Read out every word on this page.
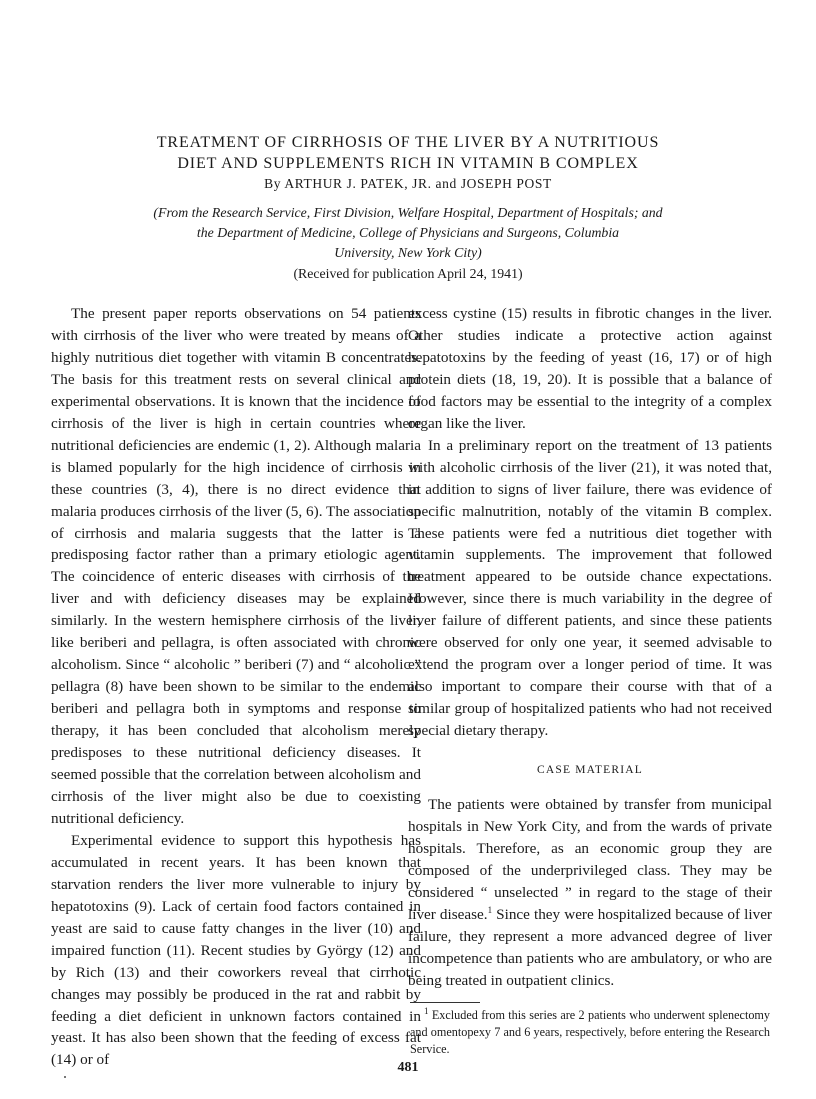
TREATMENT OF CIRRHOSIS OF THE LIVER BY A NUTRITIOUS
DIET AND SUPPLEMENTS RICH IN VITAMIN B COMPLEX
By ARTHUR J. PATEK, JR. and JOSEPH POST
(From the Research Service, First Division, Welfare Hospital, Department of Hospitals; and
the Department of Medicine, College of Physicians and Surgeons, Columbia
University, New York City)
(Received for publication April 24, 1941)

The present paper reports observations on 54 patients with cirrhosis of the liver who were treated by means of a highly nutritious diet together with vitamin B concentrates. The basis for this treatment rests on several clinical and experimental observations. It is known that the incidence of cirrhosis of the liver is high in certain countries where nutritional deficiencies are endemic (1, 2). Although malaria is blamed popularly for the high incidence of cirrhosis in these countries (3, 4), there is no direct evidence that malaria produces cirrhosis of the liver (5, 6). The association of cirrhosis and malaria suggests that the latter is a predisposing factor rather than a primary etiologic agent. The coincidence of enteric diseases with cirrhosis of the liver and with deficiency diseases may be explained similarly. In the western hemisphere cirrhosis of the liver, like beriberi and pellagra, is often associated with chronic alcoholism. Since “ alcoholic ” beriberi (7) and “ alcoholic ” pellagra (8) have been shown to be similar to the endemic beriberi and pellagra both in symptoms and response to therapy, it has been concluded that alcoholism merely predisposes to these nutritional deficiency diseases. It seemed possible that the correlation between alcoholism and cirrhosis of the liver might also be due to coexisting nutritional deficiency.

Experimental evidence to support this hypothesis has accumulated in recent years. It has been known that starvation renders the liver more vulnerable to injury by hepatotoxins (9). Lack of certain food factors contained in yeast are said to cause fatty changes in the liver (10) and impaired function (11). Recent studies by György (12) and by Rich (13) and their coworkers reveal that cirrhotic changes may possibly be produced in the rat and rabbit by feeding a diet deficient in unknown factors contained in yeast. It has also been shown that the feeding of excess fat (14) or of

excess cystine (15) results in fibrotic changes in the liver. Other studies indicate a protective action against hepatotoxins by the feeding of yeast (16, 17) or of high protein diets (18, 19, 20). It is possible that a balance of food factors may be essential to the integrity of a complex organ like the liver.

In a preliminary report on the treatment of 13 patients with alcoholic cirrhosis of the liver (21), it was noted that, in addition to signs of liver failure, there was evidence of specific malnutrition, notably of the vitamin B complex. These patients were fed a nutritious diet together with vitamin supplements. The improvement that followed treatment appeared to be outside chance expectations. However, since there is much variability in the degree of liver failure of different patients, and since these patients were observed for only one year, it seemed advisable to extend the program over a longer period of time. It was also important to compare their course with that of a similar group of hospitalized patients who had not received special dietary therapy.

CASE MATERIAL

The patients were obtained by transfer from municipal hospitals in New York City, and from the wards of private hospitals. Therefore, as an economic group they are composed of the underprivileged class. They may be considered “ unselected ” in regard to the stage of their liver disease.$^1$ Since they were hospitalized because of liver failure, they represent a more advanced degree of liver incompetence than patients who are ambulatory, or who are being treated in outpatient clinics.

$^1$ Excluded from this series are 2 patients who underwent splenectomy and omentopexy 7 and 6 years, respectively, before entering the Research Service.
481
